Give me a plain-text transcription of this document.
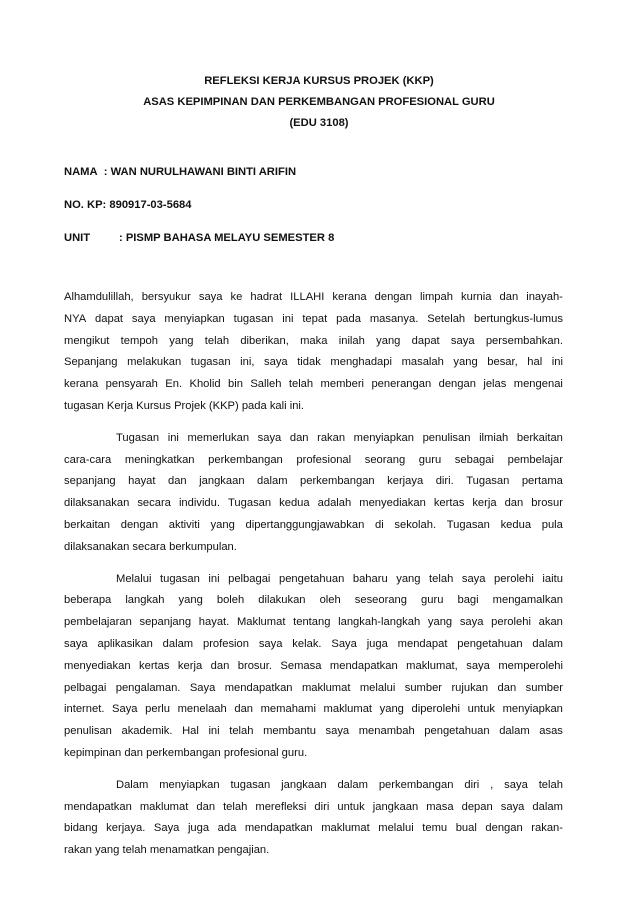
REFLEKSI KERJA KURSUS PROJEK (KKP)
ASAS KEPIMPINAN DAN PERKEMBANGAN PROFESIONAL GURU
(EDU 3108)
NAMA : WAN NURULHAWANI BINTI ARIFIN
NO. KP: 890917-03-5684
UNIT	: PISMP BAHASA MELAYU SEMESTER 8
Alhamdulillah, bersyukur saya ke hadrat ILLAHI kerana dengan limpah kurnia dan inayah-
NYA dapat saya menyiapkan tugasan ini tepat pada masanya. Setelah bertungkus-lumus
mengikut tempoh yang telah diberikan, maka inilah yang dapat saya persembahkan.
Sepanjang melakukan tugasan ini, saya tidak menghadapi masalah yang besar, hal ini
kerana pensyarah En. Kholid bin Salleh telah memberi penerangan dengan jelas mengenai
tugasan Kerja Kursus Projek (KKP) pada kali ini.
Tugasan ini memerlukan saya dan rakan menyiapkan penulisan ilmiah berkaitan
cara-cara meningkatkan perkembangan profesional seorang guru sebagai pembelajar
sepanjang hayat dan jangkaan dalam perkembangan kerjaya diri. Tugasan pertama
dilaksanakan secara individu. Tugasan kedua adalah menyediakan kertas kerja dan brosur
berkaitan dengan aktiviti yang dipertanggungjawabkan di sekolah. Tugasan kedua pula
dilaksanakan secara berkumpulan.
Melalui tugasan ini pelbagai pengetahuan baharu yang telah saya perolehi iaitu
beberapa langkah yang boleh dilakukan oleh seseorang guru bagi mengamalkan
pembelajaran sepanjang hayat. Maklumat tentang langkah-langkah yang saya perolehi akan
saya aplikasikan dalam profesion saya kelak. Saya juga mendapat pengetahuan dalam
menyediakan kertas kerja dan brosur. Semasa mendapatkan maklumat, saya memperolehi
pelbagai pengalaman. Saya mendapatkan maklumat melalui sumber rujukan dan sumber
internet. Saya perlu menelaah dan memahami maklumat yang diperolehi untuk menyiapkan
penulisan akademik. Hal ini telah membantu saya menambah pengetahuan dalam asas
kepimpinan dan perkembangan profesional guru.
Dalam menyiapkan tugasan jangkaan dalam perkembangan diri , saya telah
mendapatkan maklumat dan telah merefleksi diri untuk jangkaan masa depan saya dalam
bidang kerjaya. Saya juga ada mendapatkan maklumat melalui temu bual dengan rakan-
rakan yang telah menamatkan pengajian.
